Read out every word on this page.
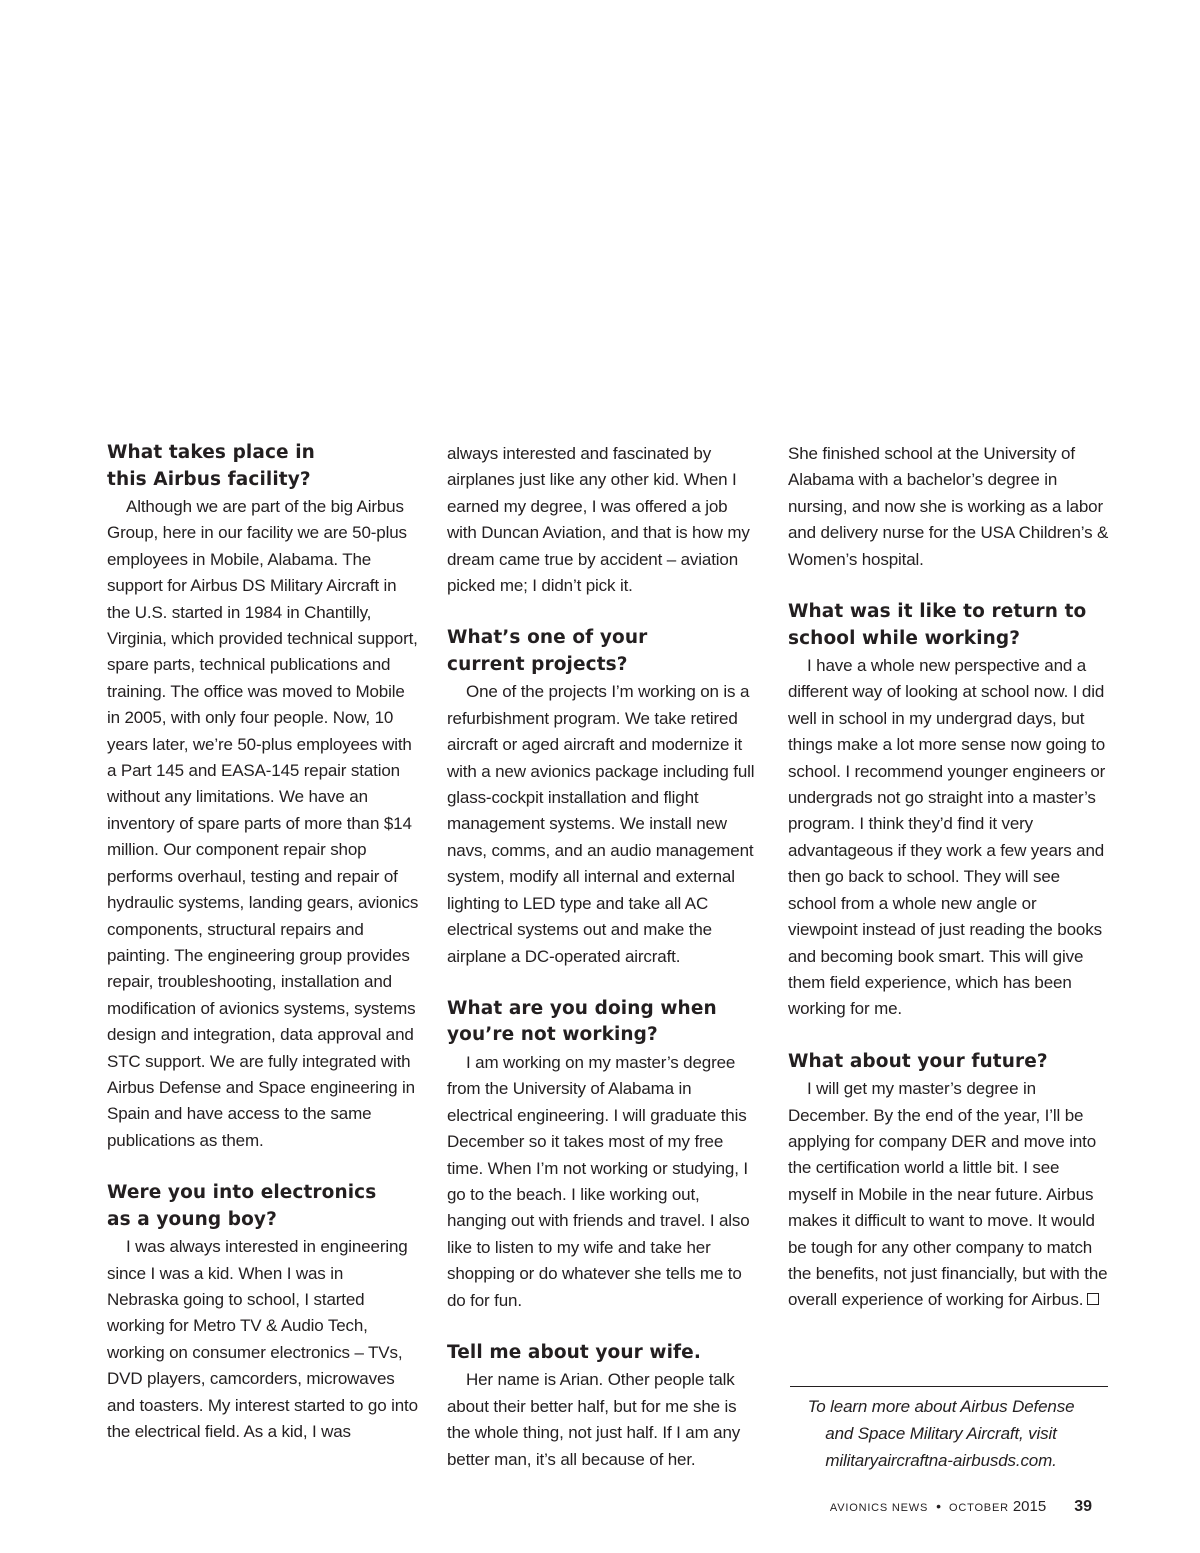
What takes place in
this Airbus facility?

Although we are part of the big Airbus Group, here in our facility we are 50-plus employees in Mobile, Alabama. The support for Airbus DS Military Aircraft in the U.S. started in 1984 in Chantilly, Virginia, which provided technical support, spare parts, technical publications and training. The office was moved to Mobile in 2005, with only four people. Now, 10 years later, we’re 50-plus employees with a Part 145 and EASA-145 repair station without any limitations. We have an inventory of spare parts of more than $14 million. Our component repair shop performs overhaul, testing and repair of hydraulic systems, landing gears, avionics components, structural repairs and painting. The engineering group provides repair, troubleshooting, installation and modification of avionics systems, systems design and integration, data approval and STC support. We are fully integrated with Airbus Defense and Space engineering in Spain and have access to the same publications as them.

Were you into electronics
as a young boy?

I was always interested in engineering since I was a kid. When I was in Nebraska going to school, I started working for Metro TV & Audio Tech, working on consumer electronics – TVs, DVD players, camcorders, microwaves and toasters. My interest started to go into the electrical field. As a kid, I was

always interested and fascinated by airplanes just like any other kid. When I earned my degree, I was offered a job with Duncan Aviation, and that is how my dream came true by accident – aviation picked me; I didn’t pick it.

What’s one of your
current projects?

One of the projects I’m working on is a refurbishment program. We take retired aircraft or aged aircraft and modernize it with a new avionics package including full glass-cockpit installation and flight management systems. We install new navs, comms, and an audio management system, modify all internal and external lighting to LED type and take all AC electrical systems out and make the airplane a DC-operated aircraft.

What are you doing when
you’re not working?

I am working on my master’s degree from the University of Alabama in electrical engineering. I will graduate this December so it takes most of my free time. When I’m not working or studying, I go to the beach. I like working out, hanging out with friends and travel. I also like to listen to my wife and take her shopping or do whatever she tells me to do for fun.

Tell me about your wife.

Her name is Arian. Other people talk about their better half, but for me she is the whole thing, not just half. If I am any better man, it’s all because of her.

She finished school at the University of Alabama with a bachelor’s degree in nursing, and now she is working as a labor and delivery nurse for the USA Children’s & Women’s hospital.

What was it like to return to
school while working?

I have a whole new perspective and a different way of looking at school now. I did well in school in my undergrad days, but things make a lot more sense now going to school. I recommend younger engineers or undergrads not go straight into a master’s program. I think they’d find it very advantageous if they work a few years and then go back to school. They will see school from a whole new angle or viewpoint instead of just reading the books and becoming book smart. This will give them field experience, which has been working for me.

What about your future?

I will get my master’s degree in December. By the end of the year, I’ll be applying for company DER and move into the certification world a little bit. I see myself in Mobile in the near future. Airbus makes it difficult to want to move. It would be tough for any other company to match the benefits, not just financially, but with the overall experience of working for Airbus.

To learn more about Airbus Defense
and Space Military Aircraft, visit
militaryaircraftna-airbusds.com.
AVIONICS NEWS • OCTOBER 2015 39
